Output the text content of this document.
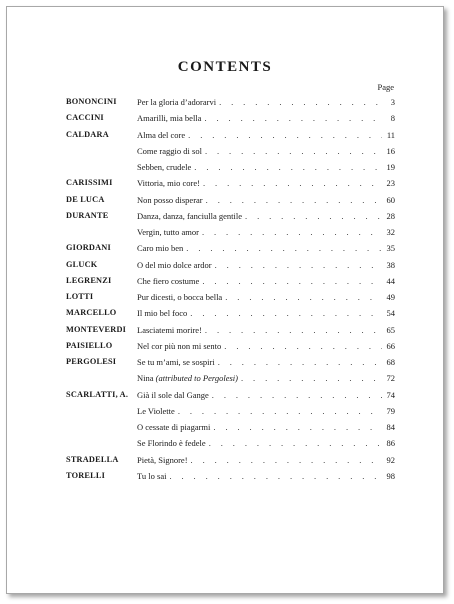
CONTENTS
Page
BONONCINI Per la gloria d’adorarvi . . .	3
CACCINI	Amarilli, mia bella . . .	8
CALDARA	Alma del core . . .	11
Come raggio di sol . . .	16
Sebben, crudele . . .	19
CARISSIMI	Vittoria, mio core! . . .	23
DE LUCA	Non posso disperar . . .	60
DURANTE	Danza, danza, fanciulla gentile . . .	28
Vergin, tutto amor . . .	32
GIORDANI	Caro mio ben . . .	35
GLUCK	O del mio dolce ardor . . .	38
LEGRENZI	Che fiero costume . . .	44
LOTTI	Pur dicesti, o bocca bella . . .	49
MARCELLO Il mio bel foco . . .	54
MONTEVERDI Lasciatemi morire! . . .	65
PAISIELLO	Nel cor più non mi sento . . .	66
PERGOLESI Se tu m’ami, se sospiri . . .	68
Nina (attributed to Pergolesi) . . .	72
SCARLATTI, A. Già il sole dal Gange . . .	74
Le Violette . . .	79
O cessate di piagarmi . . .	84
Se Florindo è fedele . . .	86
STRADELLA Pietà, Signore! . . .	92
TORELLI	Tu lo sai . . .	98
